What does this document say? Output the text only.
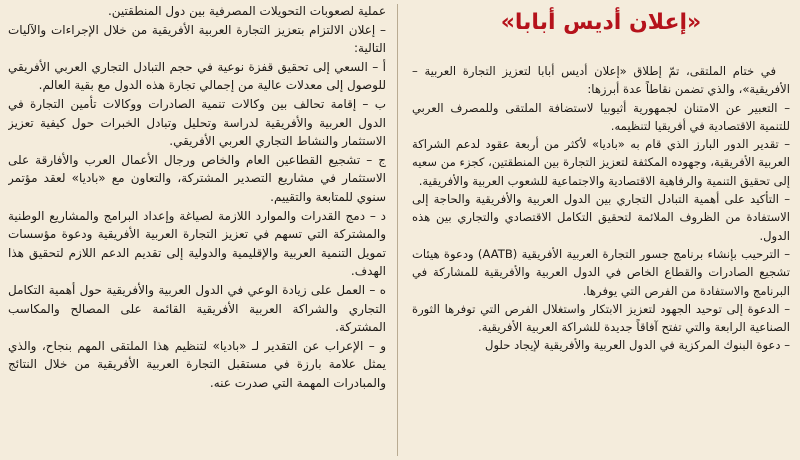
«إعلان أديس أبابا»

في ختام الملتقى، تمّ إطلاق «إعلان أديس أبابا لتعزيز التجارة العربية – الأفريقية»، والذي تضمن نقاطاً عدة أبرزها:

– التعبير عن الامتنان لجمهورية أثيوبيا لاستضافة الملتقى وللمصرف العربي للتنمية الاقتصادية في أفريقيا لتنظيمه.

– تقدير الدور البارز الذي قام به «باديا» لأكثر من أربعة عقود لدعم الشراكة العربية الأفريقية، وجهوده المكثفة لتعزيز التجارة بين المنطقتين، كجزء من سعيه إلى تحقيق التنمية والرفاهية الاقتصادية والاجتماعية للشعوب العربية والأفريقية.

– التأكيد على أهمية التبادل التجاري بين الدول العربية والأفريقية والحاجة إلى الاستفادة من الظروف الملائمة لتحقيق التكامل الاقتصادي والتجاري بين هذه الدول.

– الترحيب بإنشاء برنامج جسور التجارة العربية الأفريقية (AATB) ودعوة هيئات تشجيع الصادرات والقطاع الخاص في الدول العربية والأفريقية للمشاركة في البرنامج والاستفادة من الفرص التي يوفرها.

– الدعوة إلى توحيد الجهود لتعزيز الابتكار واستغلال الفرص التي توفرها الثورة الصناعية الرابعة والتي تفتح آفاقاً جديدة للشراكة العربية الأفريقية.

– دعوة البنوك المركزية في الدول العربية والأفريقية لإيجاد حلول

عملية لصعوبات التحويلات المصرفية بين دول المنطقتين.

– إعلان الالتزام بتعزيز التجارة العربية الأفريقية من خلال الإجراءات والآليات التالية:

أ – السعي إلى تحقيق قفزة نوعية في حجم التبادل التجاري العربي الأفريقي للوصول إلى معدلات عالية من إجمالي تجارة هذه الدول مع بقية العالم.

ب – إقامة تحالف بين وكالات تنمية الصادرات ووكالات تأمين التجارة في الدول العربية والأفريقية لدراسة وتحليل وتبادل الخبرات حول كيفية تعزيز الاستثمار والنشاط التجاري العربي الأفريقي.

ج – تشجيع القطاعين العام والخاص ورجال الأعمال العرب والأفارقة على الاستثمار في مشاريع التصدير المشتركة، والتعاون مع «باديا» لعقد مؤتمر سنوي للمتابعة والتقييم.

د – دمج القدرات والموارد اللازمة لصياغة وإعداد البرامج والمشاريع الوطنية والمشتركة التي تسهم في تعزيز التجارة العربية الأفريقية ودعوة مؤسسات تمويل التنمية العربية والإقليمية والدولية إلى تقديم الدعم اللازم لتحقيق هذا الهدف.

ه – العمل على زيادة الوعي في الدول العربية والأفريقية حول أهمية التكامل التجاري والشراكة العربية الأفريقية القائمة على المصالح والمكاسب المشتركة.

و – الإعراب عن التقدير لـ «باديا» لتنظيم هذا الملتقى المهم بنجاح، والذي يمثل علامة بارزة في مستقبل التجارة العربية الأفريقية من خلال النتائج والمبادرات المهمة التي صدرت عنه.
